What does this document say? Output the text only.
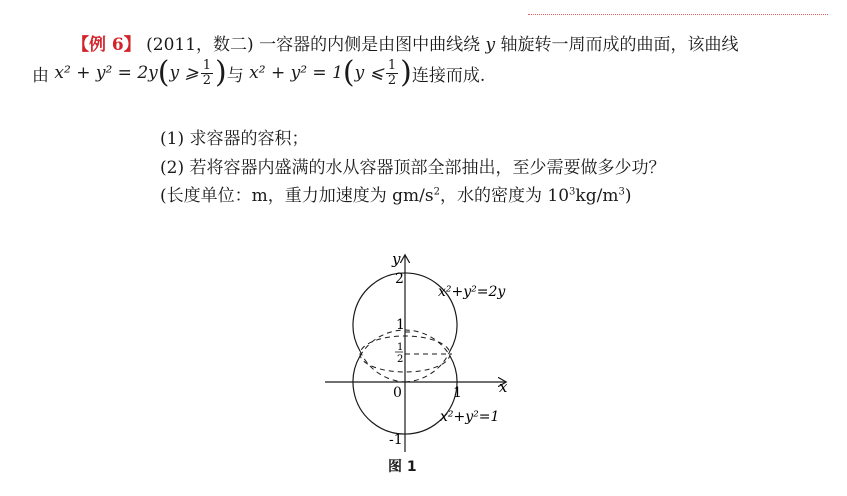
【例 6】 (2011，数二) 一容器的内侧是由图中曲线绕 y 轴旋转一周而成的曲面，该曲线
由
x² + y² = 2y ( y ⩾ $\frac{1}{2}$ ) 与
x² + y² = 1 ( y ⩽ $\frac{1}{2}$ ) 连接而成.
(1) 求容器的容积；
(2) 若将容器内盛满的水从容器顶部全部抽出，至少需要做多少功？
(长度单位：m，重力加速度为 $gm/s^2$，水的密度为 $10^3kg/m^3$)
y
x
2
1
1
2
0	1
-1
x²+y²=2y
x²+y²=1
图 1
